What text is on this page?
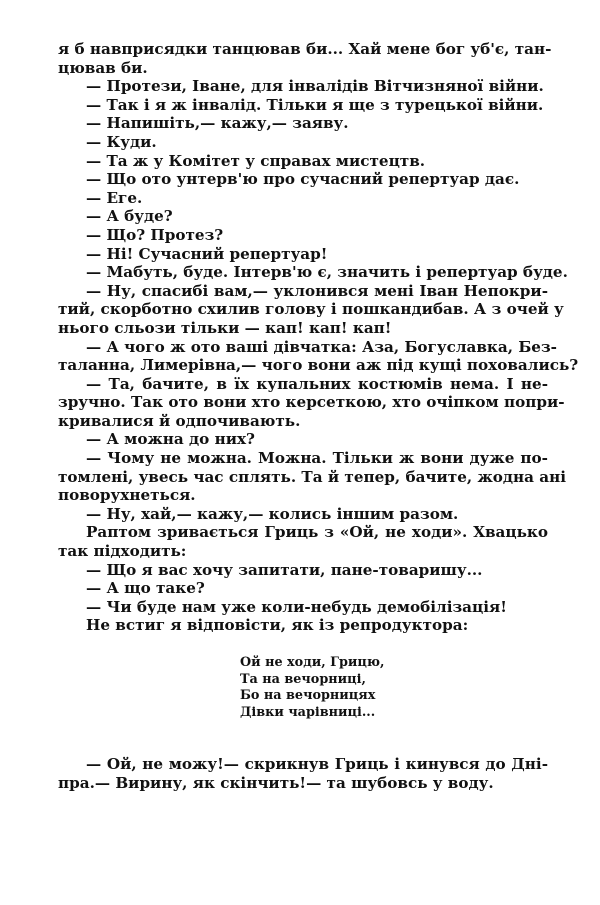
я б навприсядки танцював би... Хай мене бог уб'є, тан-
цював би.
— Протези, Іване, для інвалідів Вітчизняної війни.
— Так і я ж інвалід. Тільки я ще з турецької війни.
— Напишіть,— кажу,— заяву.
— Куди.
— Та ж у Комітет у справах мистецтв.
— Що ото унтерв'ю про сучасний репертуар дає.
— Еге.
— А буде?
— Що? Протез?
— Ні! Сучасний репертуар!
— Мабуть, буде. Інтерв'ю є, значить і репертуар буде.
— Ну, спасибі вам,— уклонився мені Іван Непокри-
тий, скорботно схилив голову і пошкандибав. А з очей у
нього сльози тільки — кап! кап! кап!
— А чого ж ото ваші дівчатка: Аза, Богуславка, Без-
таланна, Лимерівна,— чого вони аж під кущі поховались?
— Та, бачите, в їх купальних костюмів нема. І не-
зручно. Так ото вони хто керсеткою, хто очіпком попри-
кривалися й одпочивають.
— А можна до них?
— Чому не можна. Можна. Тільки ж вони дуже по-
томлені, увесь час сплять. Та й тепер, бачите, жодна ані
поворухнеться.
— Ну, хай,— кажу,— колись іншим разом.
Раптом зривається Гриць з «Ой, не ходи». Хвацько
так підходить:
— Що я вас хочу запитати, пане-товаришу...
— А що таке?
— Чи буде нам уже коли-небудь демобілізація!
Не встиг я відповісти, як із репродуктора:
Ой не ходи, Грицю,
Та на вечорниці,
Бо на вечорницях
Дівки чарівниці...
— Ой, не можу!— скрикнув Гриць і кинувся до Дні-
пра.— Вирину, як скінчить!— та шубовсь у воду.
